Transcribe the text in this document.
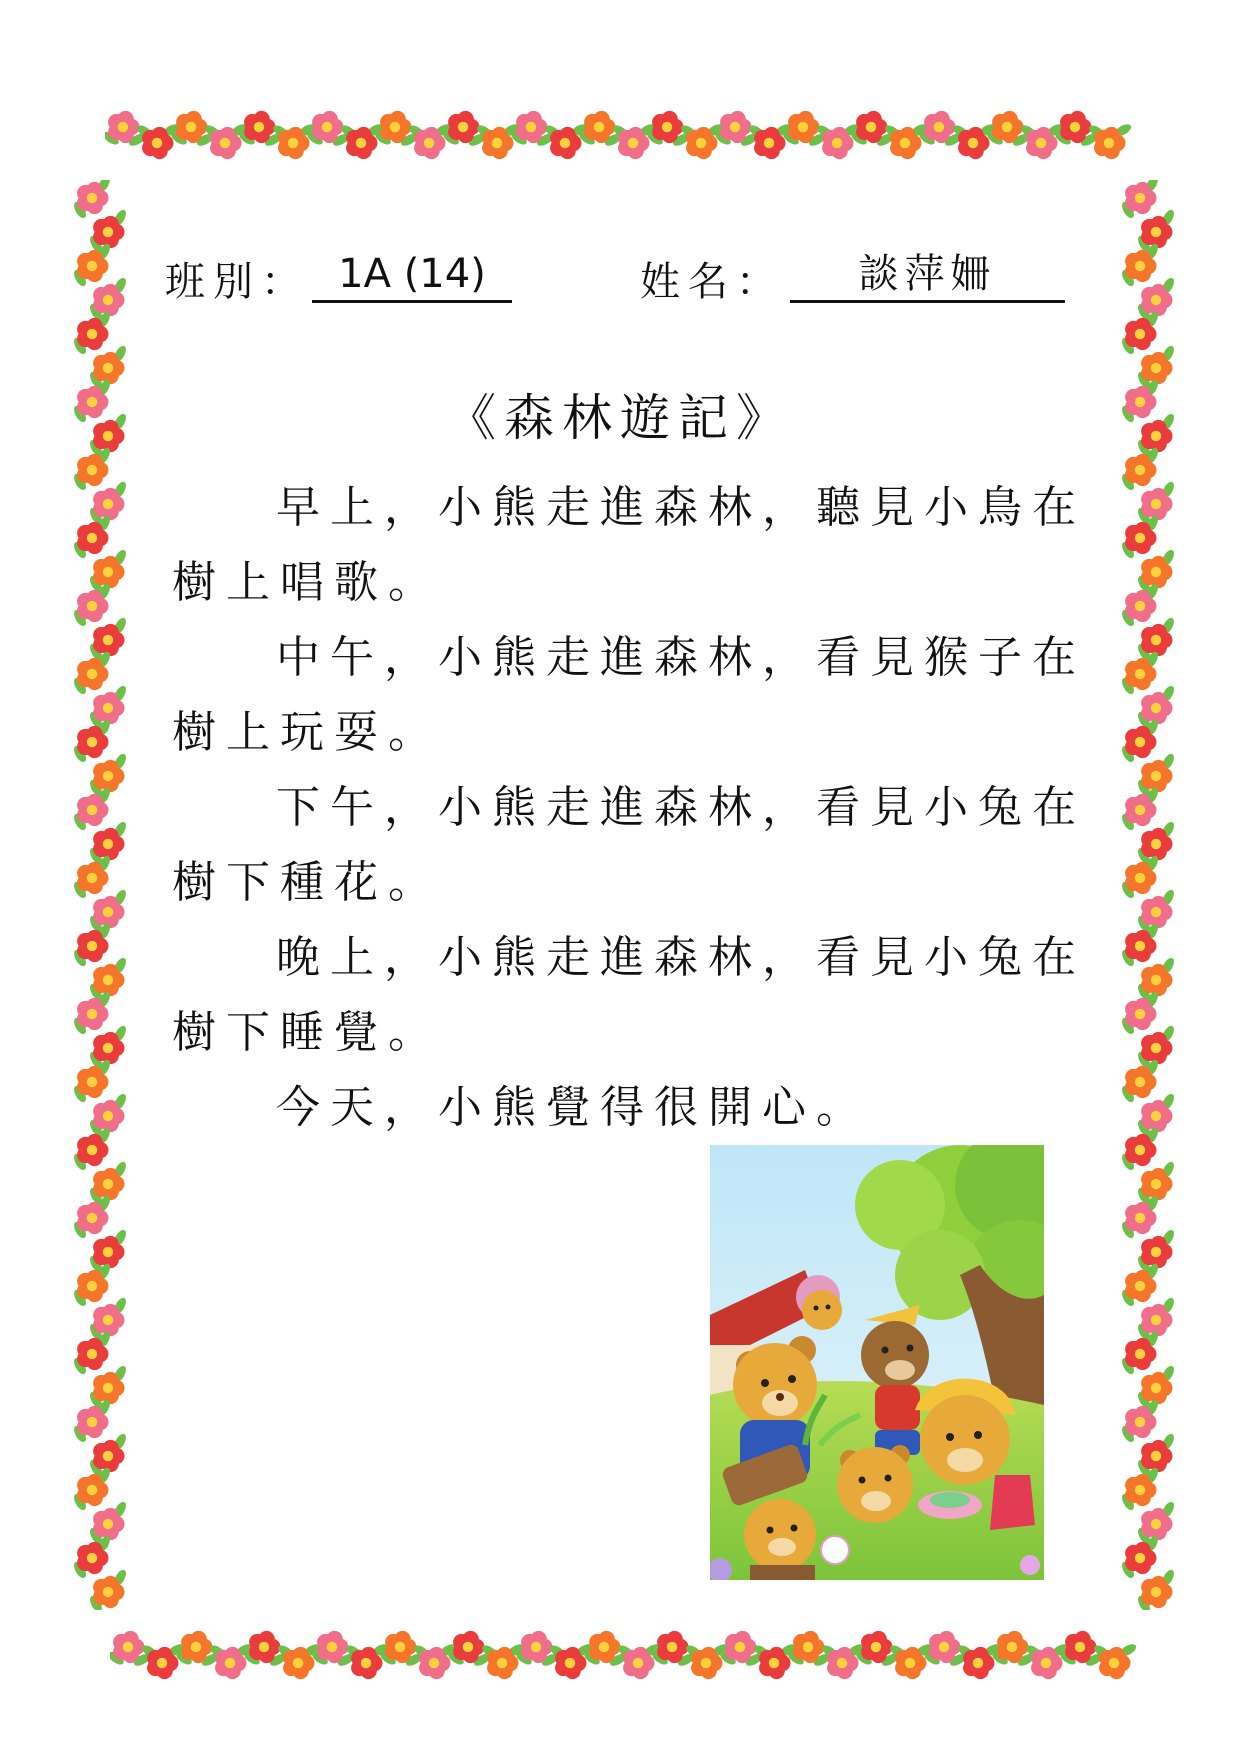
班別： 1A (14)	姓名：	談萍姍
《森林遊記》

早上，小熊走進森林，聽見小鳥在樹上唱歌。

中午，小熊走進森林，看見猴子在樹上玩耍。

下午，小熊走進森林，看見小兔在樹下種花。

晚上，小熊走進森林，看見小兔在樹下睡覺。

今天，小熊覺得很開心。
